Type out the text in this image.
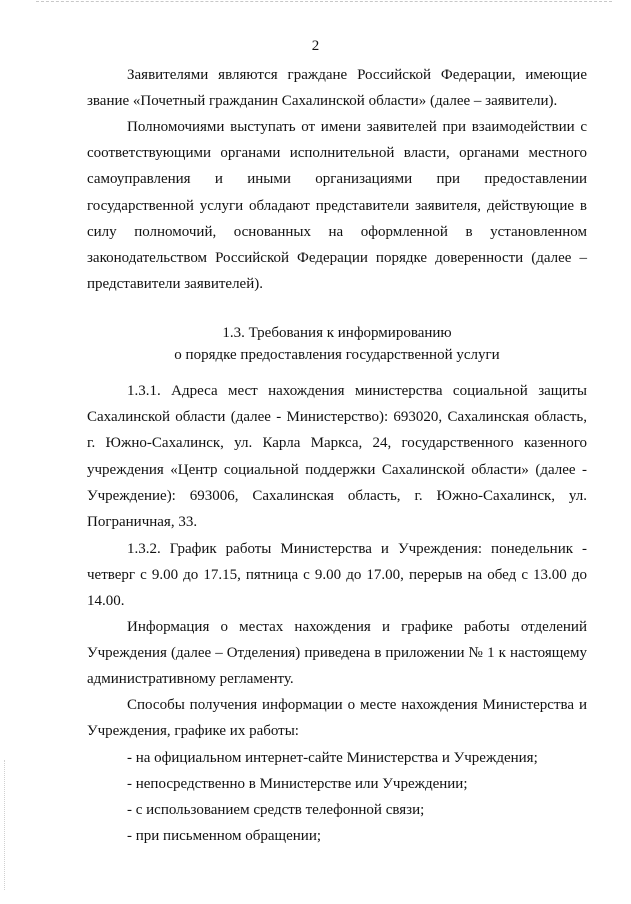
2

Заявителями являются граждане Российской Федерации, имеющие звание «Почетный гражданин Сахалинской области» (далее – заявители).

Полномочиями выступать от имени заявителей при взаимодействии с соответствующими органами исполнительной власти, органами местного самоуправления и иными организациями при предоставлении государственной услуги обладают представители заявителя, действующие в силу полномочий, основанных на оформленной в установленном законодательством Российской Федерации порядке доверенности (далее – представители заявителей).

1.3. Требования к информированию
о порядке предоставления государственной услуги

1.3.1. Адреса мест нахождения министерства социальной защиты Сахалинской области (далее - Министерство): 693020, Сахалинская область, г. Южно-Сахалинск, ул. Карла Маркса, 24, государственного казенного учреждения «Центр социальной поддержки Сахалинской области» (далее - Учреждение): 693006, Сахалинская область, г. Южно-Сахалинск, ул. Пограничная, 33.

1.3.2. График работы Министерства и Учреждения: понедельник - четверг с 9.00 до 17.15, пятница с 9.00 до 17.00, перерыв на обед с 13.00 до 14.00.

Информация о местах нахождения и графике работы отделений Учреждения (далее – Отделения) приведена в приложении № 1 к настоящему административному регламенту.

Способы получения информации о месте нахождения Министерства и Учреждения, графике их работы:

- на официальном интернет-сайте Министерства и Учреждения;

- непосредственно в Министерстве или Учреждении;

- с использованием средств телефонной связи;

- при письменном обращении;
